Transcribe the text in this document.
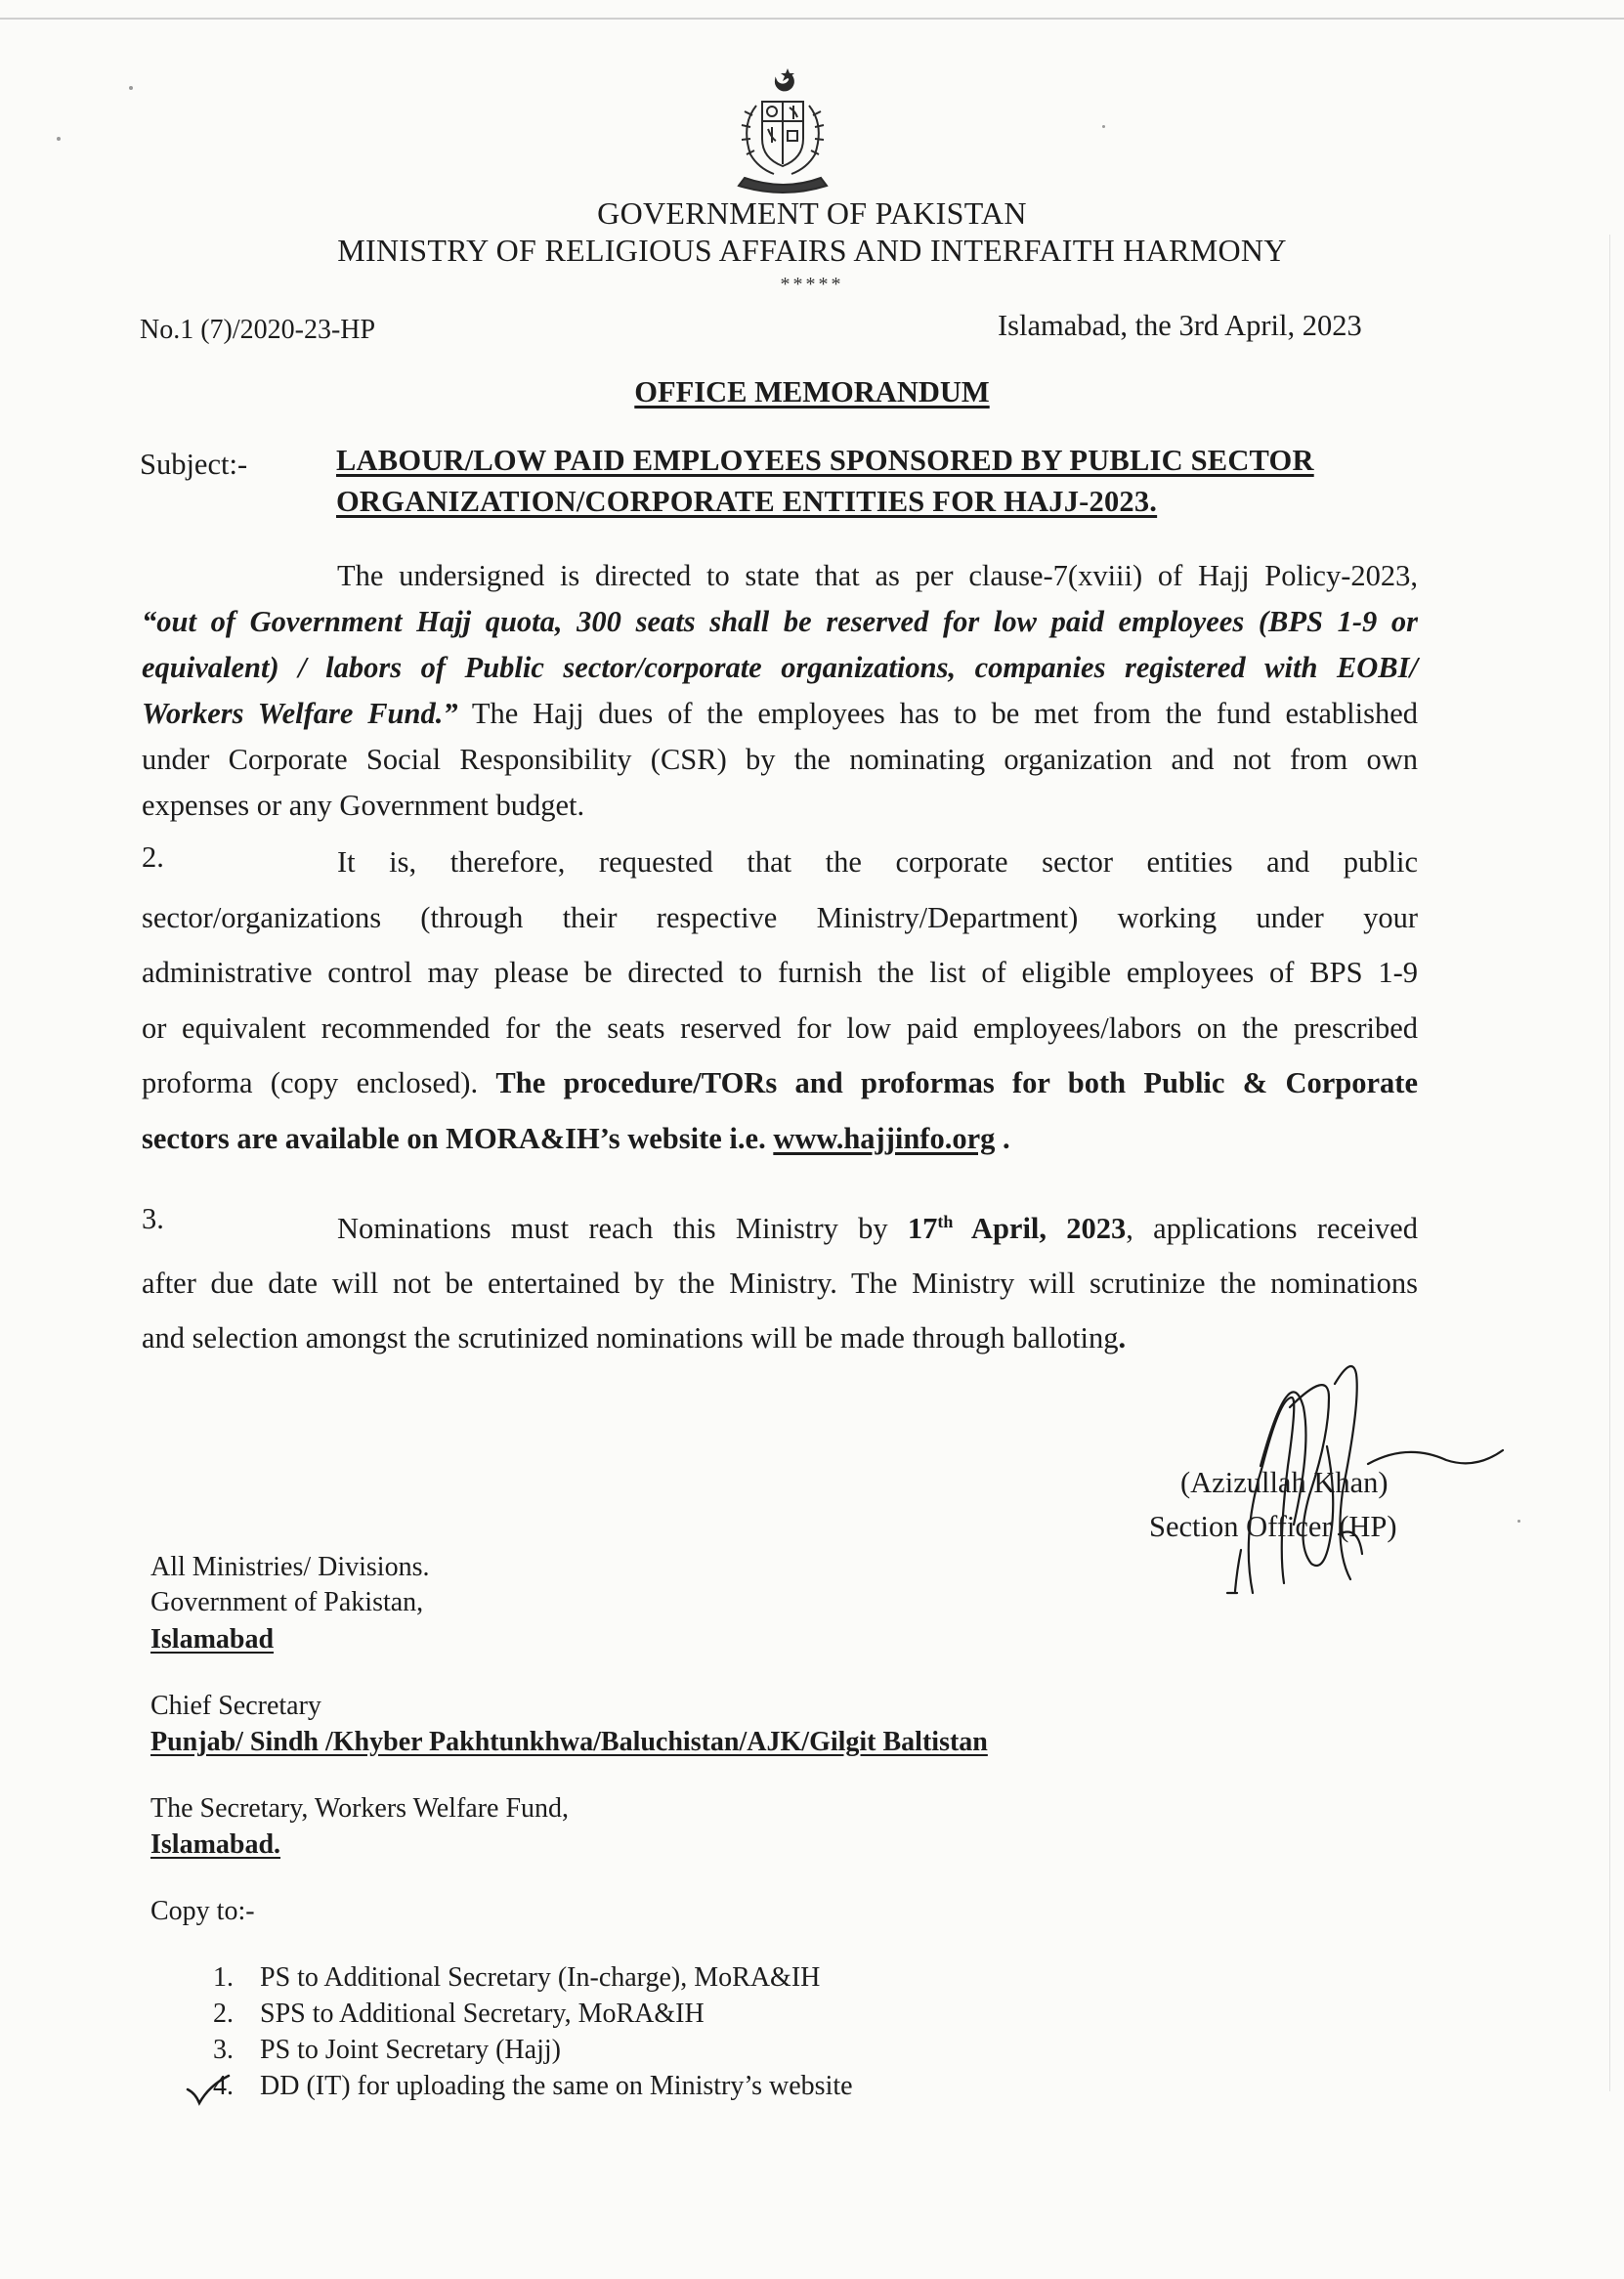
GOVERNMENT OF PAKISTAN
MINISTRY OF RELIGIOUS AFFAIRS AND INTERFAITH HARMONY
*****
No.1 (7)/2020-23-HP	Islamabad, the 3rd April, 2023
OFFICE MEMORANDUM
Subject:-	LABOUR/LOW PAID EMPLOYEES SPONSORED BY PUBLIC SECTOR
ORGANIZATION/CORPORATE ENTITIES FOR HAJJ-2023.
The undersigned is directed to state that as per clause-7(xviii) of Hajj Policy-2023,
“out of Government Hajj quota, 300 seats shall be reserved for low paid employees (BPS 1-9 or
equivalent) / labors of Public sector/corporate organizations, companies registered with EOBI/
Workers Welfare Fund.” The Hajj dues of the employees has to be met from the fund established
under Corporate Social Responsibility (CSR) by the nominating organization and not from own
expenses or any Government budget.
2.	It is, therefore, requested that the corporate sector entities and public
sector/organizations (through their respective Ministry/Department) working under your
administrative control may please be directed to furnish the list of eligible employees of BPS 1-9
or equivalent recommended for the seats reserved for low paid employees/labors on the prescribed
proforma (copy enclosed). The procedure/TORs and proformas for both Public & Corporate
sectors are available on MORA&IH’s website i.e. www.hajjinfo.org .
3.	Nominations must reach this Ministry by 17th April, 2023, applications received
after due date will not be entertained by the Ministry. The Ministry will scrutinize the nominations
and selection amongst the scrutinized nominations will be made through balloting.
(Azizullah Khan)
Section Officer (HP)
All Ministries/ Divisions.
Government of Pakistan,
Islamabad
Chief Secretary
Punjab/ Sindh /Khyber Pakhtunkhwa/Baluchistan/AJK/Gilgit Baltistan
The Secretary, Workers Welfare Fund,
Islamabad.
Copy to:-
1. PS to Additional Secretary (In-charge), MoRA&IH
2. SPS to Additional Secretary, MoRA&IH
3. PS to Joint Secretary (Hajj)
4. DD (IT) for uploading the same on Ministry’s website
